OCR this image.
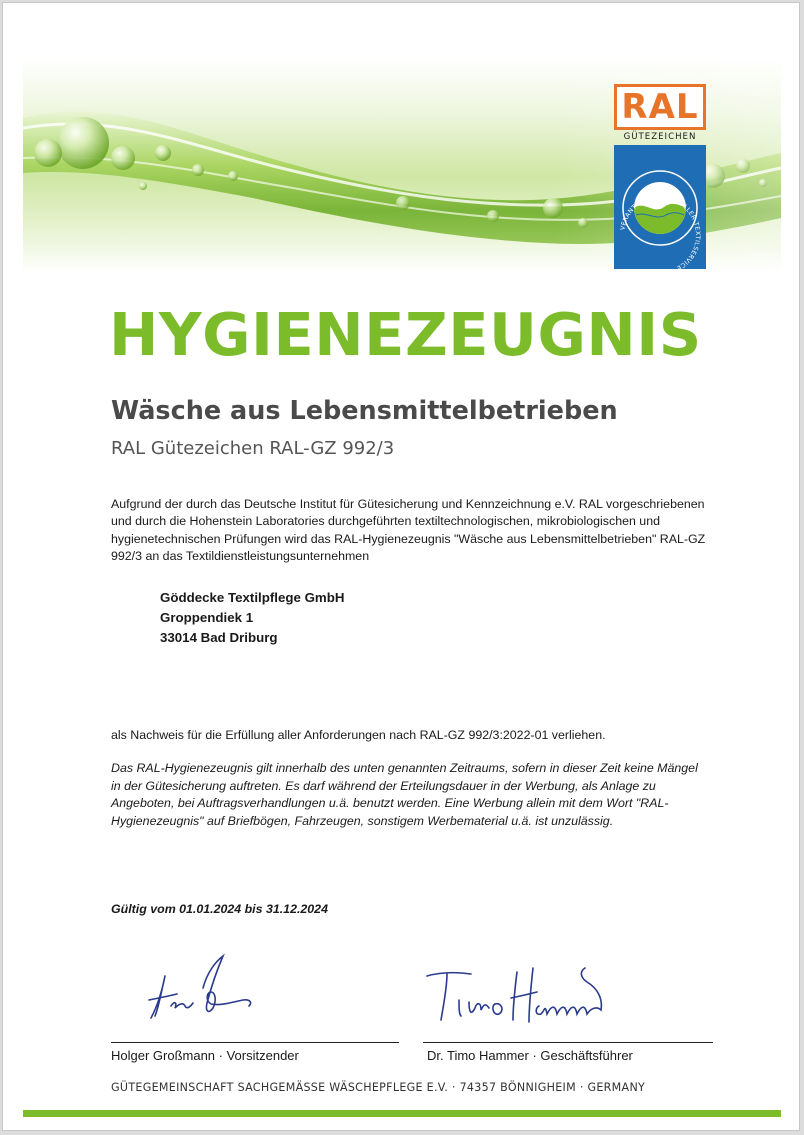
RAL
GÜTEZEICHEN
VERANTWORTUNGSVOLLER TEXTILSERVICE
HYGIENEZEUGNIS
Wäsche aus Lebensmittelbetrieben
RAL Gütezeichen RAL-GZ 992/3

Aufgrund der durch das Deutsche Institut für Gütesicherung und Kennzeichnung e.V. RAL vorgeschriebenen und durch die Hohenstein Laboratories durchgeführten textiltechnologischen, mikrobiologischen und hygienetechnischen Prüfungen wird das RAL-Hygienezeugnis "Wäsche aus Lebensmittelbetrieben" RAL-GZ 992/3 an das Textildienstleistungsunternehmen

Göddecke Textilpflege GmbH
Groppendiek 1
33014 Bad Driburg

als Nachweis für die Erfüllung aller Anforderungen nach RAL-GZ 992/3:2022-01 verliehen.

Das RAL-Hygienezeugnis gilt innerhalb des unten genannten Zeitraums, sofern in dieser Zeit keine Mängel in der Gütesicherung auftreten. Es darf während der Erteilungsdauer in der Werbung, als Anlage zu Angeboten, bei Auftragsverhandlungen u.ä. benutzt werden. Eine Werbung allein mit dem Wort "RAL-Hygienezeugnis" auf Briefbögen, Fahrzeugen, sonstigem Werbematerial u.ä. ist unzulässig.

Gültig vom 01.01.2024 bis 31.12.2024

Holger Großmann · Vorsitzender	Dr. Timo Hammer · Geschäftsführer

GÜTEGEMEINSCHAFT SACHGEMÄSSE WÄSCHEPFLEGE E.V. · 74357 BÖNNIGHEIM · GERMANY
